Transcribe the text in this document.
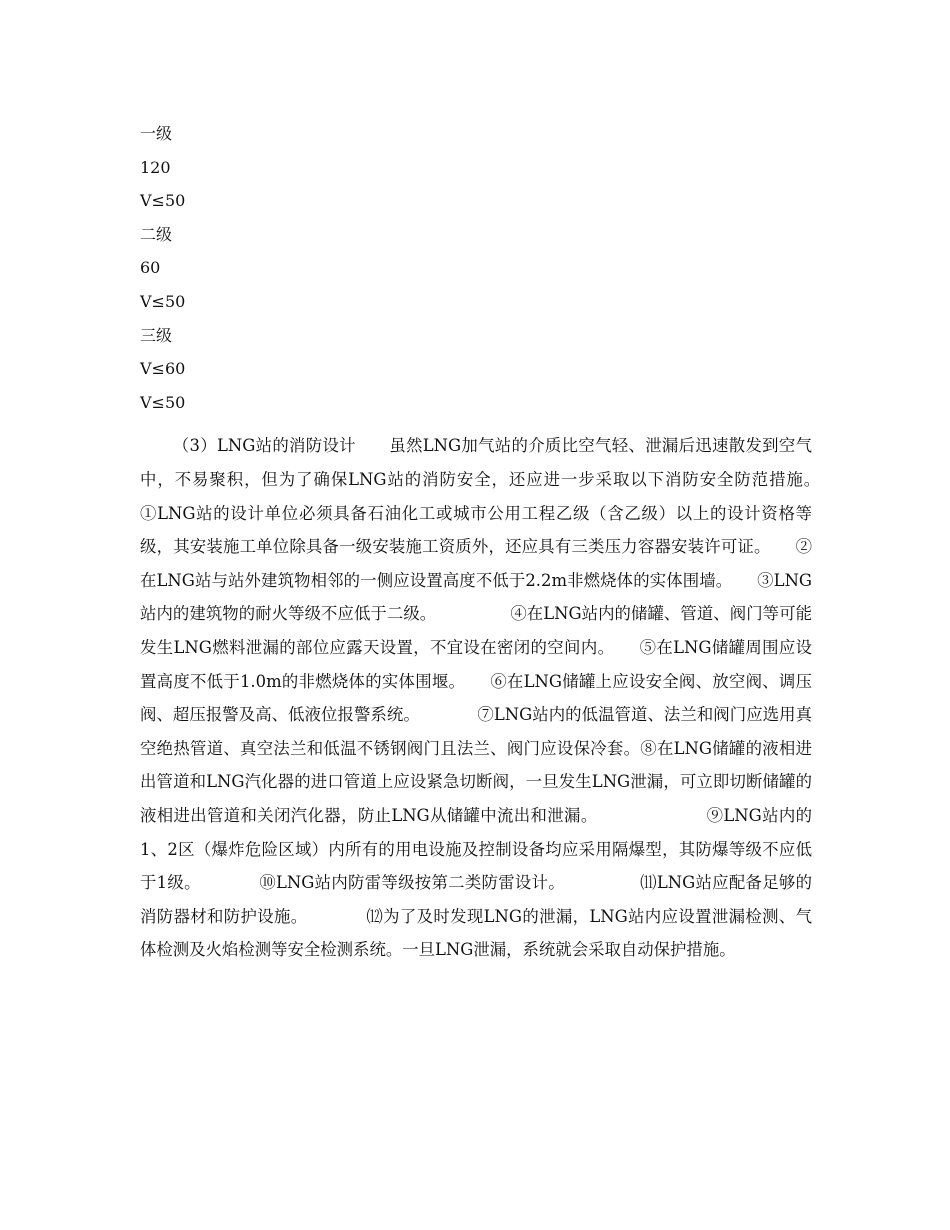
一级
120
V≤50
二级
60
V≤50
三级
V≤60
V≤50

（3）LNG站的消防设计　　虽然LNG加气站的介质比空气轻、泄漏后迅速散发到空气中，不易聚积，但为了确保LNG站的消防安全，还应进一步采取以下消防安全防范措施。　　　　　①LNG站的设计单位必须具备石油化工或城市公用工程乙级（含乙级）以上的设计资格等级，其安装施工单位除具备一级安装施工资质外，还应具有三类压力容器安装许可证。　　②在LNG站与站外建筑物相邻的一侧应设置高度不低于2.2m非燃烧体的实体围墙。　　③LNG站内的建筑物的耐火等级不应低于二级。　　　　　④在LNG站内的储罐、管道、阀门等可能发生LNG燃料泄漏的部位应露天设置，不宜设在密闭的空间内。　　⑤在LNG储罐周围应设置高度不低于1.0m的非燃烧体的实体围堰。　　⑥在LNG储罐上应设安全阀、放空阀、调压阀、超压报警及高、低液位报警系统。　　　　⑦LNG站内的低温管道、法兰和阀门应选用真空绝热管道、真空法兰和低温不锈钢阀门且法兰、阀门应设保冷套。⑧在LNG储罐的液相进出管道和LNG汽化器的进口管道上应设紧急切断阀，一旦发生LNG泄漏，可立即切断储罐的液相进出管道和关闭汽化器，防止LNG从储罐中流出和泄漏。　　　　　　　⑨LNG站内的1、2区（爆炸危险区域）内所有的用电设施及控制设备均应采用隔爆型，其防爆等级不应低于1级。　　　　⑩LNG站内防雷等级按第二类防雷设计。　　　　　⑾LNG站应配备足够的消防器材和防护设施。　　　　⑿为了及时发现LNG的泄漏，LNG站内应设置泄漏检测、气体检测及火焰检测等安全检测系统。一旦LNG泄漏，系统就会采取自动保护措施。
